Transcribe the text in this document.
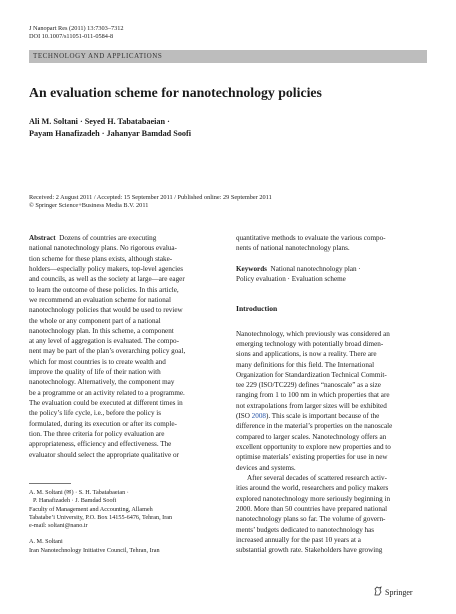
J Nanopart Res (2011) 13:7303–7312
DOI 10.1007/s11051-011-0584-8
TECHNOLOGY AND APPLICATIONS
An evaluation scheme for nanotechnology policies
Ali M. Soltani · Seyed H. Tabatabaeian ·
Payam Hanafizadeh · Jahanyar Bamdad Soofi
Received: 2 August 2011 / Accepted: 15 September 2011 / Published online: 29 September 2011
© Springer Science+Business Media B.V. 2011

Abstract Dozens of countries are executing

national nanotechnology plans. No rigorous evalua-

tion scheme for these plans exists, although stake-

holders—especially policy makers, top-level agencies

and councils, as well as the society at large—are eager

to learn the outcome of these policies. In this article,

we recommend an evaluation scheme for national

nanotechnology policies that would be used to review

the whole or any component part of a national

nanotechnology plan. In this scheme, a component

at any level of aggregation is evaluated. The compo-

nent may be part of the plan’s overarching policy goal,

which for most countries is to create wealth and

improve the quality of life of their nation with

nanotechnology. Alternatively, the component may

be a programme or an activity related to a programme.

The evaluation could be executed at different times in

the policy’s life cycle, i.e., before the policy is

formulated, during its execution or after its comple-

tion. The three criteria for policy evaluation are

appropriateness, efficiency and effectiveness. The

evaluator should select the appropriate qualitative or

A. M. Soltani (✉) · S. H. Tabatabaeian ·
P. Hanafizadeh · J. Bamdad Soofi
Faculty of Management and Accounting, Allameh
Tabatabe’i University, P.O. Box 14155-6476, Tehran, Iran
e-mail: soltani@nano.ir
A. M. Soltani
Iran Nanotechnology Initiative Council, Tehran, Iran

quantitative methods to evaluate the various compo-

nents of national nanotechnology plans.

Keywords National nanotechnology plan ·

Policy evaluation · Evaluation scheme

Introduction

Nanotechnology, which previously was considered an

emerging technology with potentially broad dimen-

sions and applications, is now a reality. There are

many definitions for this field. The International

Organization for Standardization Technical Commit-

tee 229 (ISO/TC229) defines “nanoscale” as a size

ranging from 1 to 100 nm in which properties that are

not extrapolations from larger sizes will be exhibited

(ISO 2008). This scale is important because of the

difference in the material’s properties on the nanoscale

compared to larger scales. Nanotechnology offers an

excellent opportunity to explore new properties and to

optimise materials’ existing properties for use in new

devices and systems.

After several decades of scattered research activ-

ities around the world, researchers and policy makers

explored nanotechnology more seriously beginning in

2000. More than 50 countries have prepared national

nanotechnology plans so far. The volume of govern-

ments’ budgets dedicated to nanotechnology has

increased annually for the past 10 years at a

substantial growth rate. Stakeholders have growing

Springer
